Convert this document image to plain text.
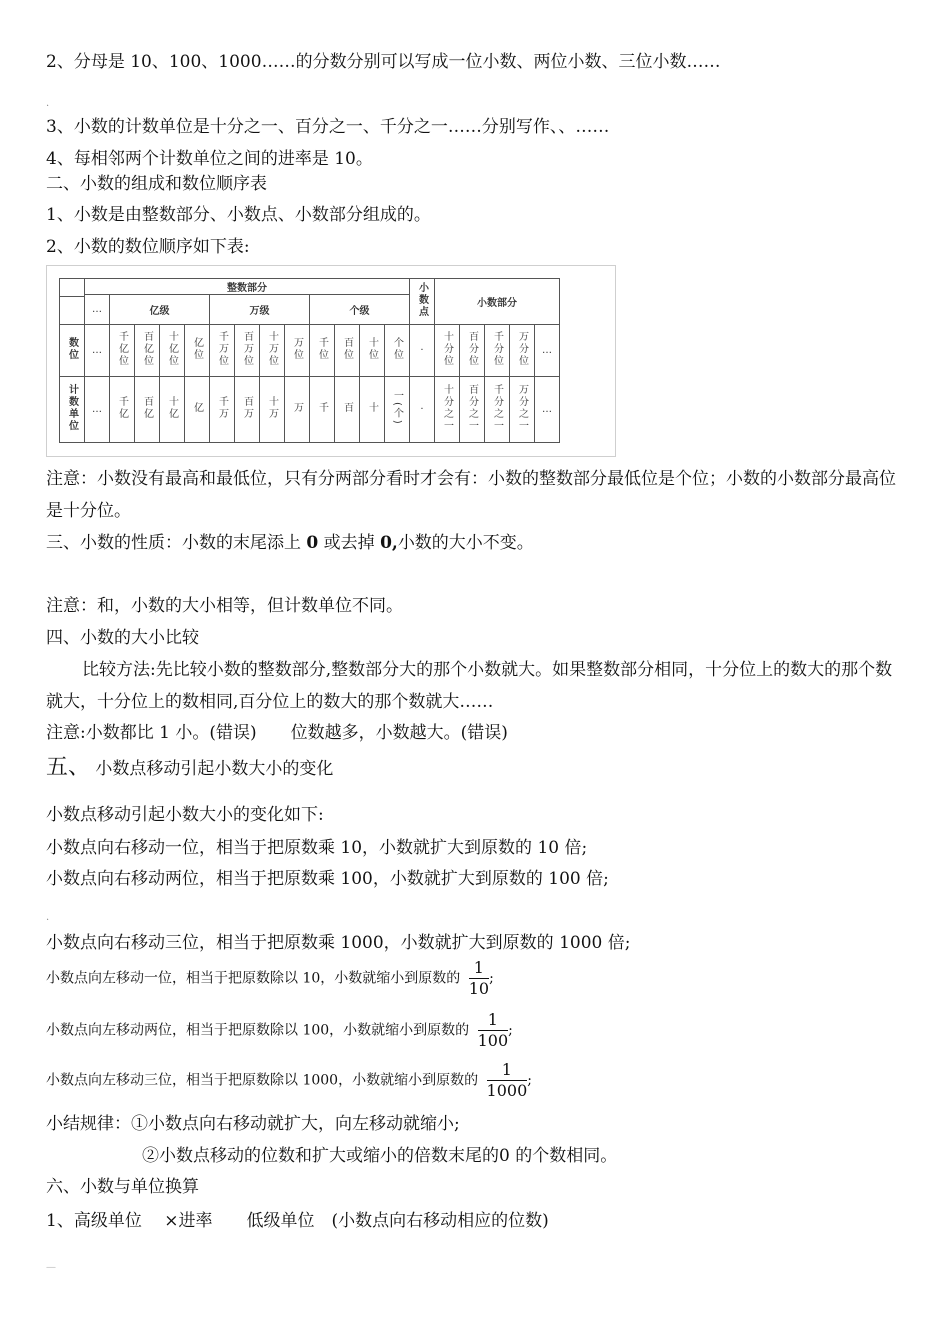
2、分母是 10、100、1000……的分数分别可以写成一位小数、两位小数、三位小数……
.
3、小数的计数单位是十分之一、百分之一、千分之一……分别写作、、……
4、每相邻两个计数单位之间的进率是 10。
二、小数的组成和数位顺序表
1、小数是由整数部分、小数点、小数部分组成的。
2、小数的数位顺序如下表:
	整数部分													小数点	小数部分				
	…	亿级				万级				个级									

数位	…	千亿位	百亿位	十亿位	亿位	千万位	百万位	十万位	万位	千位	百位	十位	个位	·	十分位	百分位	千分位	万分位	…
计数单位	…	千亿	百亿	十亿	亿	千万	百万	十万	万	千	百	十	一(个)	·	十分之一	百分之一	千分之一	万分之一	…
注意：小数没有最高和最低位，只有分两部分看时才会有：小数的整数部分最低位是个位；小数的小数部分最高位是十分位。
三、小数的性质：小数的末尾添上 0 或去掉 0,小数的大小不变。
注意：和，小数的大小相等，但计数单位不同。
四、小数的大小比较
比较方法:先比较小数的整数部分,整数部分大的那个小数就大。如果整数部分相同，十分位上的数大的那个数就大，十分位上的数相同,百分位上的数大的那个数就大……
注意:小数都比 1 小。(错误)　　位数越多，小数越大。(错误)
五、 小数点移动引起小数大小的变化
小数点移动引起小数大小的变化如下:
小数点向右移动一位，相当于把原数乘 10，小数就扩大到原数的 10 倍;
小数点向右移动两位，相当于把原数乘 100，小数就扩大到原数的 100 倍;
.
小数点向右移动三位，相当于把原数乘 1000，小数就扩大到原数的 1000 倍;
小数点向左移动一位，相当于把原数除以 10，小数就缩小到原数的 $\frac{1}{10}$ ;
小数点向左移动两位，相当于把原数除以 100，小数就缩小到原数的 $\frac{1}{100}$ ;
小数点向左移动三位，相当于把原数除以 1000，小数就缩小到原数的 $\frac{1}{1000}$ ;
小结规律：①小数点向右移动就扩大，向左移动就缩小;
②小数点移动的位数和扩大或缩小的倍数末尾的0 的个数相同。
六、小数与单位换算
1、高级单位　 ×进率　　低级单位　(小数点向右移动相应的位数)
—
